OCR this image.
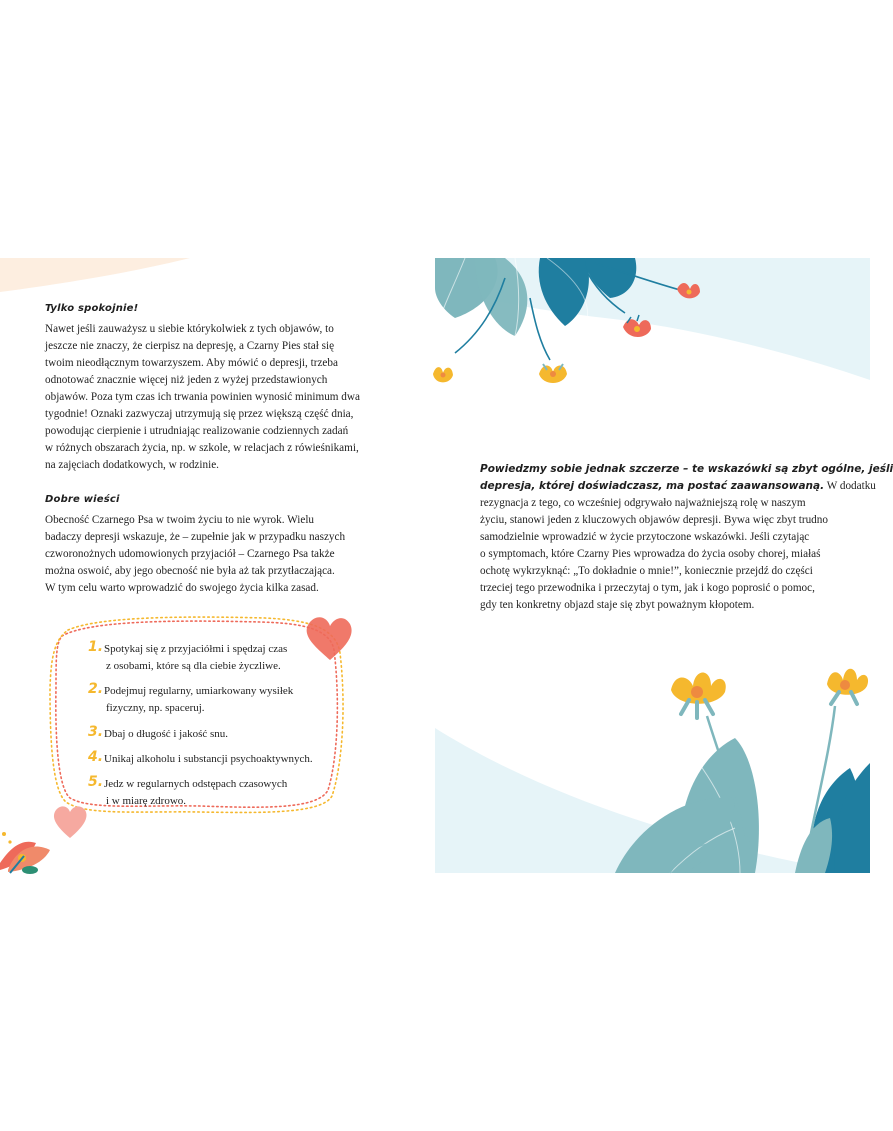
Tylko spokojnie!

Nawet jeśli zauważysz u siebie którykolwiek z tych objawów, to
jeszcze nie znaczy, że cierpisz na depresję, a Czarny Pies stał się
twoim nieodłącznym towarzyszem. Aby mówić o depresji, trzeba
odnotować znacznie więcej niż jeden z wyżej przedstawionych
objawów. Poza tym czas ich trwania powinien wynosić minimum dwa
tygodnie! Oznaki zazwyczaj utrzymują się przez większą część dnia,
powodując cierpienie i utrudniając realizowanie codziennych zadań
w różnych obszarach życia, np. w szkole, w relacjach z rówieśnikami,
na zajęciach dodatkowych, w rodzinie.

Dobre wieści

Obecność Czarnego Psa w twoim życiu to nie wyrok. Wielu
badaczy depresji wskazuje, że – zupełnie jak w przypadku naszych
czworonożnych udomowionych przyjaciół – Czarnego Psa także
można oswoić, aby jego obecność nie była aż tak przytłaczająca.
W tym celu warto wprowadzić do swojego życia kilka zasad.

1. Spotykaj się z przyjaciółmi i spędzaj czas
z osobami, które są dla ciebie życzliwe.
2. Podejmuj regularny, umiarkowany wysiłek
fizyczny, np. spaceruj.
3. Dbaj o długość i jakość snu.
4. Unikaj alkoholu i substancji psychoaktywnych.
5. Jedz w regularnych odstępach czasowych
i w miarę zdrowo.

Powiedzmy sobie jednak szczerze – te wskazówki są zbyt ogólne, jeśli
depresja, której doświadczasz, ma postać zaawansowaną. W dodatku
rezygnacja z tego, co wcześniej odgrywało najważniejszą rolę w naszym
życiu, stanowi jeden z kluczowych objawów depresji. Bywa więc zbyt trudno
samodzielnie wprowadzić w życie przytoczone wskazówki. Jeśli czytając
o symptomach, które Czarny Pies wprowadza do życia osoby chorej, miałaś
ochotę wykrzyknąć: „To dokładnie o mnie!”, koniecznie przejdź do części
trzeciej tego przewodnika i przeczytaj o tym, jak i kogo poprosić o pomoc,
gdy ten konkretny objazd staje się zbyt poważnym kłopotem.
